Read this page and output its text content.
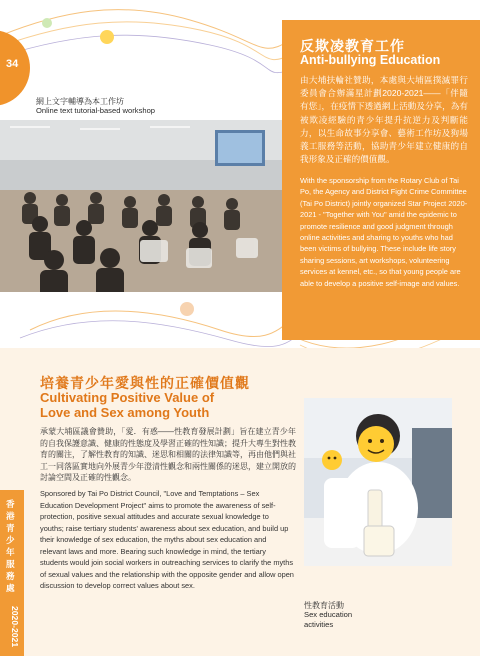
34
反欺凌教育工作
Anti-bullying Education
由大埔扶輪社贊助，本處與大埔區撲滅罪行委員會合辦滿星計劃2020-2021——「伴隨有您」，在疫情下透過網上活動及分享，為有被欺凌經驗的青少年提升抗逆力及判斷能力，以生命故事分享會、藝術工作坊及狗場義工服務等活動，協助青少年建立健康的自我形象及正確的價值觀。
With the sponsorship from the Rotary Club of Tai Po, the Agency and District Fight Crime Committee (Tai Po District) jointly organized Star Project 2020-2021 - "Together with You" amid the epidemic to promote resilience and good judgment through online activities and sharing to youths who had been victims of bullying. These include life story sharing sessions, art workshops, volunteering services at kennel, etc., so that young people are able to develop a positive self-image and values.
網上文字輔導為本工作坊
Online text tutorial-based workshop
香港青少年服務處
2020-2021
培養青少年愛與性的正確價值觀
Cultivating Positive Value of
Love and Sex among Youth
承蒙大埔區議會贊助，「愛．有惑——性教育發展計劃」旨在建立青少年的自我保護意識、健康的性態度及學習正確的性知識；提升大專生對性教育的關注，了解性教育的知識、迷思和相關的法律知識等，再由他們與社工一同落區實地向外展青少年澄清性觀念和兩性關係的迷思，建立開放的討論空間及正確的性觀念。
Sponsored by Tai Po District Council, "Love and Temptations – Sex Education Development Project" aims to promote the awareness of self-protection, positive sexual attitudes and accurate sexual knowledge to youths; raise tertiary students' awareness about sex education, and build up their knowledge of sex education, the myths about sex education and relevant laws and more. Bearing such knowledge in mind, the tertiary students would join social workers in outreaching services to clarify the myths of sexual values and the relationship with the opposite gender and allow open discussion to develop correct values about sex.
性教育活動
Sex education
activities
